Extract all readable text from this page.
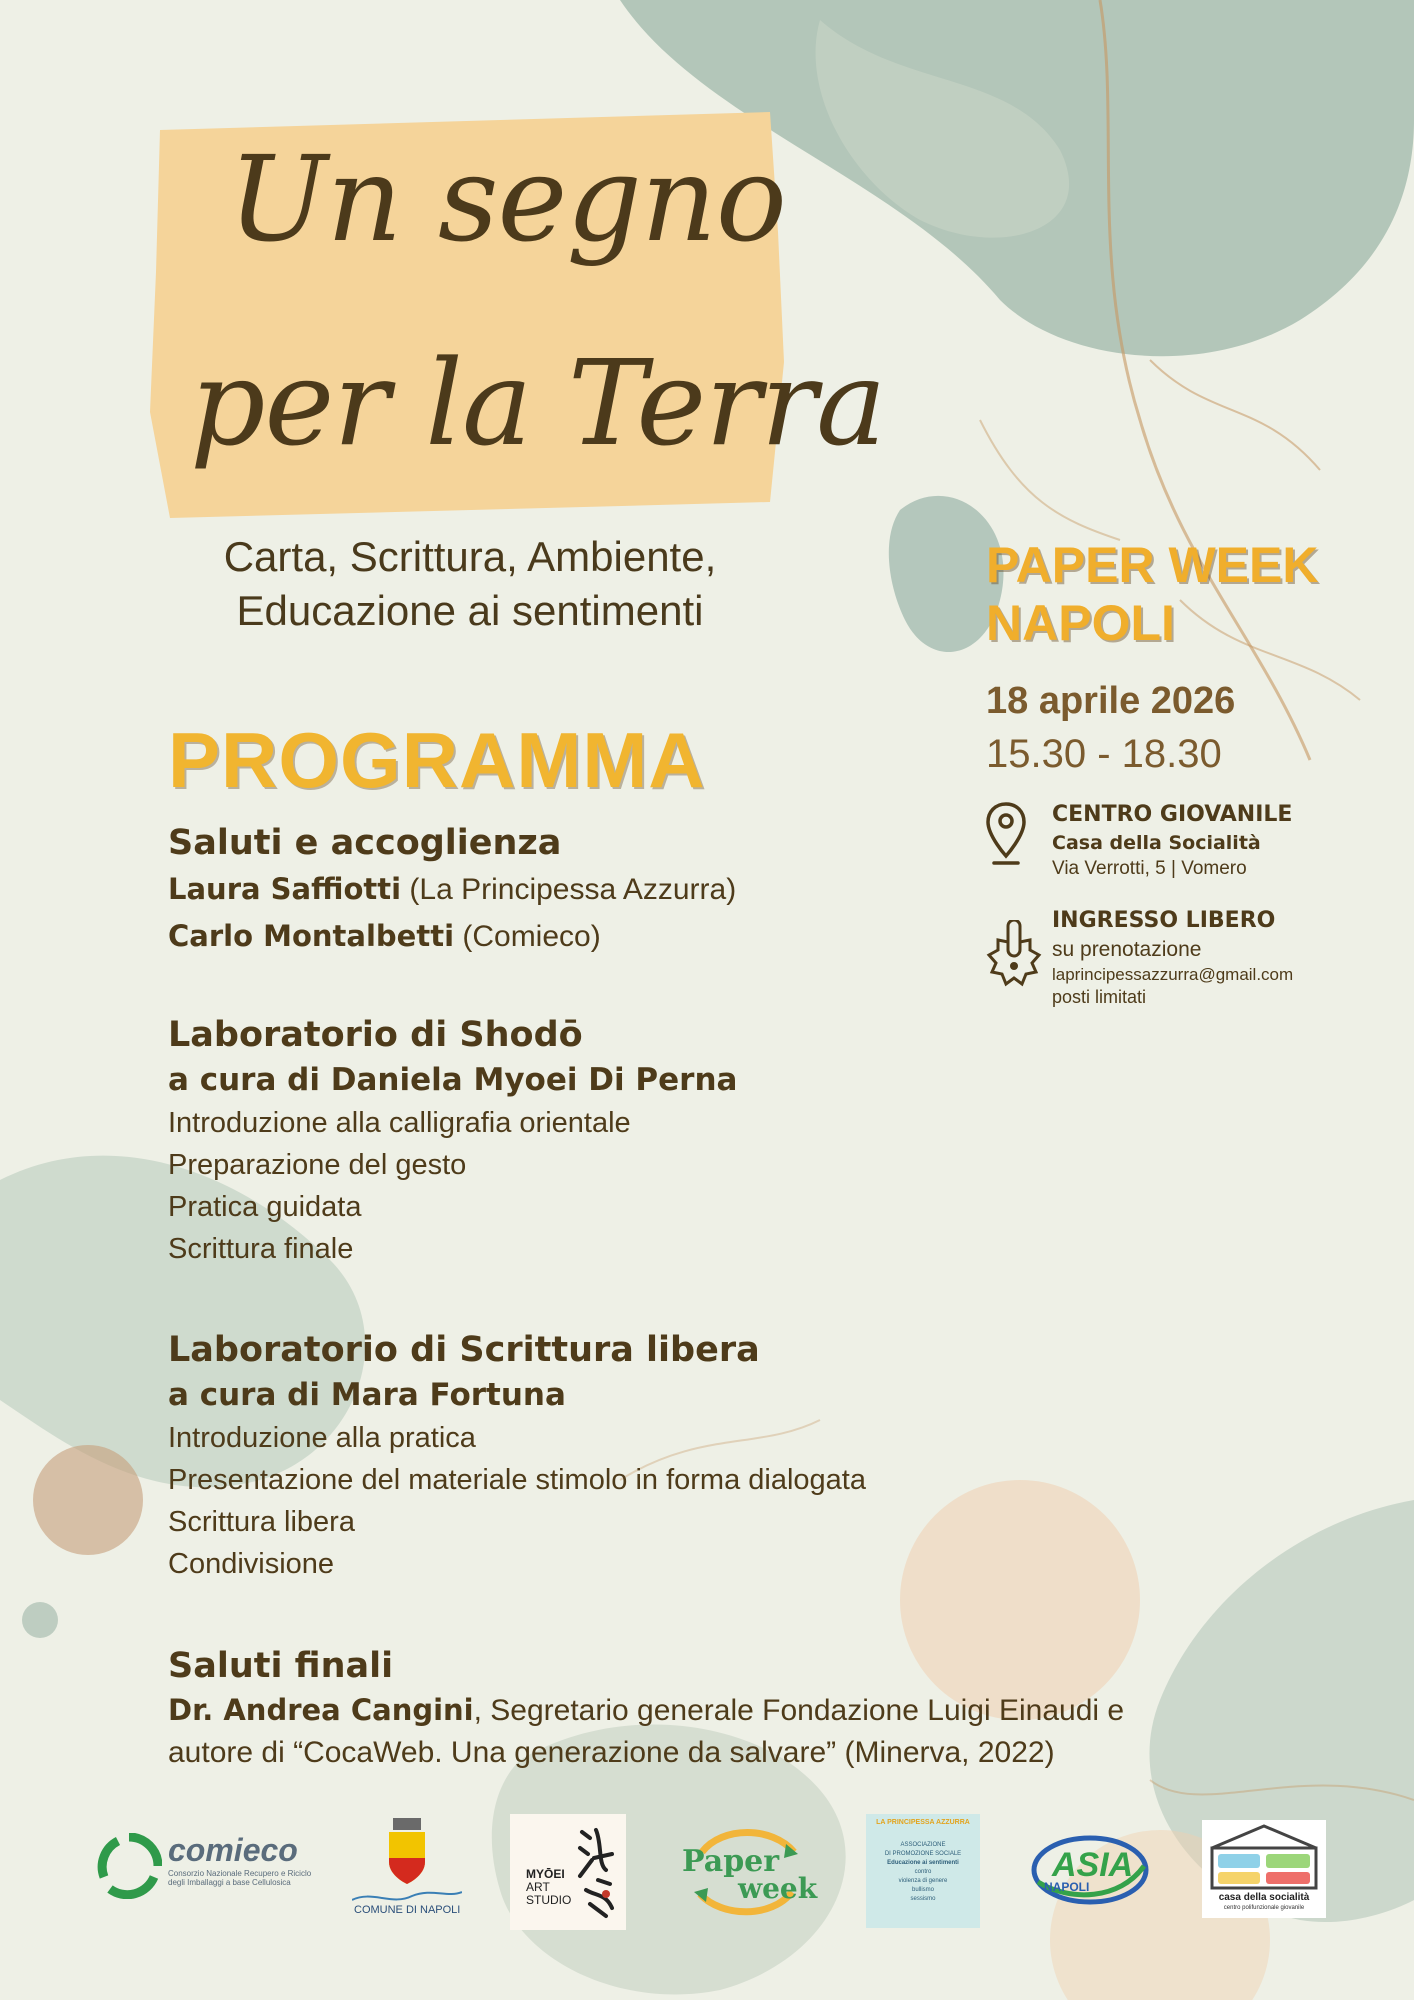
Un segno
per la Terra
Carta, Scrittura, Ambiente,
Educazione ai sentimenti
PROGRAMMA
Saluti e accoglienza
Laura Saffiotti (La Principessa Azzurra)
Carlo Montalbetti (Comieco)
Laboratorio di Shodō
a cura di Daniela Myoei Di Perna
Introduzione alla calligrafia orientale
Preparazione del gesto
Pratica guidata
Scrittura finale
Laboratorio di Scrittura libera
a cura di Mara Fortuna
Introduzione alla pratica
Presentazione del materiale stimolo in forma dialogata
Scrittura libera
Condivisione
Saluti finali
Dr. Andrea Cangini, Segretario generale Fondazione Luigi Einaudi e
autore di “CocaWeb. Una generazione da salvare” (Minerva, 2022)
PAPER WEEK
NAPOLI
18 aprile 2026
15.30 - 18.30
CENTRO GIOVANILE
Casa della Socialità
Via Verrotti, 5 | Vomero
INGRESSO LIBERO
su prenotazione
laprincipessazzurra@gmail.com
posti limitati
comieco
Consorzio Nazionale Recupero e Riciclo
degli Imballaggi a base Cellulosica
COMUNE DI NAPOLI
MYŌEI
ART
STUDIO
Paper
week
LA PRINCIPESSA AZZURRA
ASSOCIAZIONE
DI PROMOZIONE SOCIALE
Educazione ai sentimenti
contro
violenza di genere
bullismo
sessismo
ASIA
NAPOLI
casa della socialità
centro polifunzionale giovanile
